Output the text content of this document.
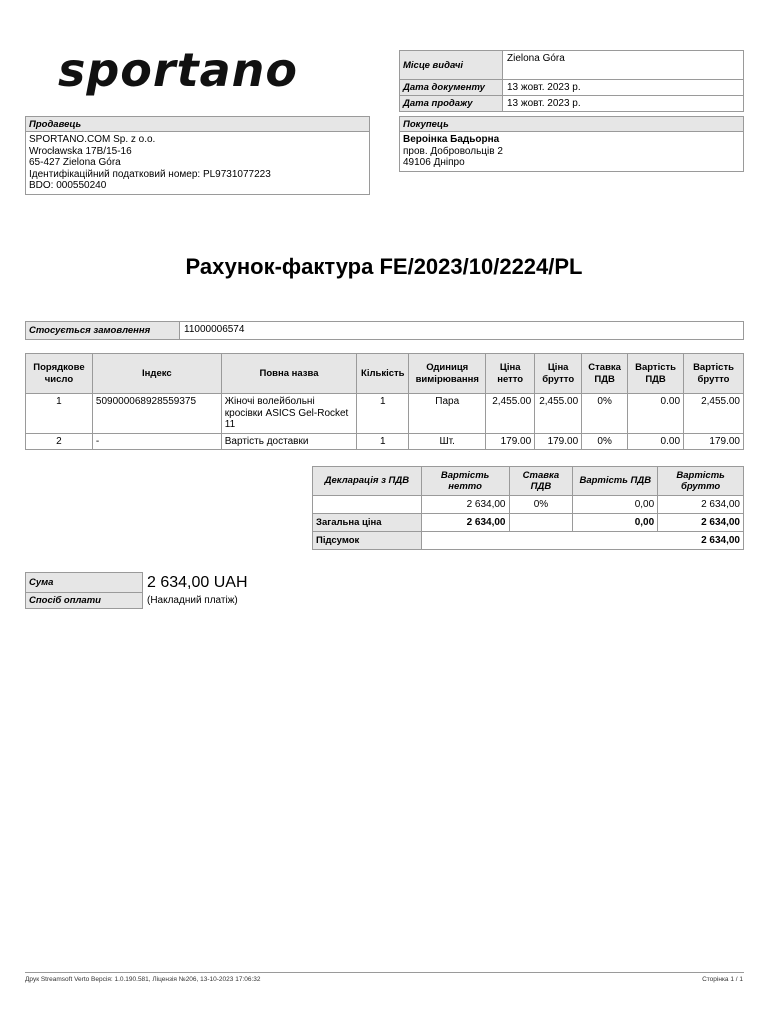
sportano	Місце видачі	Zielona Góra
Дата документу	13 жовт. 2023 р.
Дата продажу	13 жовт. 2023 р.
Продавець
SPORTANO.COM Sp. z o.o.
Wrocławska 17B/15-16
65-427 Zielona Góra
Ідентифікаційний податковий номер: PL9731077223
BDO: 000550240
Покупець
Вероінка Бадьорна
пров. Добровольців 2
49106 Дніпро
Рахунок-фактура FE/2023/10/2224/PL
Стосується замовлення	11000006574
Порядкове число	Індекс	Повна назва	Кількість	Одиниця вимірювання	Ціна нетто	Ціна брутто	Ставка ПДВ	Вартість ПДВ	Вартість брутто
1	509000068928559375	Жіночі волейбольні кросівки ASICS Gel-Rocket 11	1	Пара	2,455.00	2,455.00	0%	0.00	2,455.00
2	-	Вартість доставки	1	Шт.	179.00	179.00	0%	0.00	179.00
Декларація з ПДВ	Вартість нетто	Ставка ПДВ	Вартість ПДВ	Вартість брутто
	2 634,00	0%	0,00	2 634,00
Загальна ціна	2 634,00		0,00	2 634,00
Підсумок	2 634,00			
Сума	2 634,00 UAH
Спосіб оплати	(Накладний платіж)
Друк Streamsoft Verto Версія: 1.0.190.581, Ліцензія №206, 13-10-2023 17:06:32	Сторінка 1 / 1
